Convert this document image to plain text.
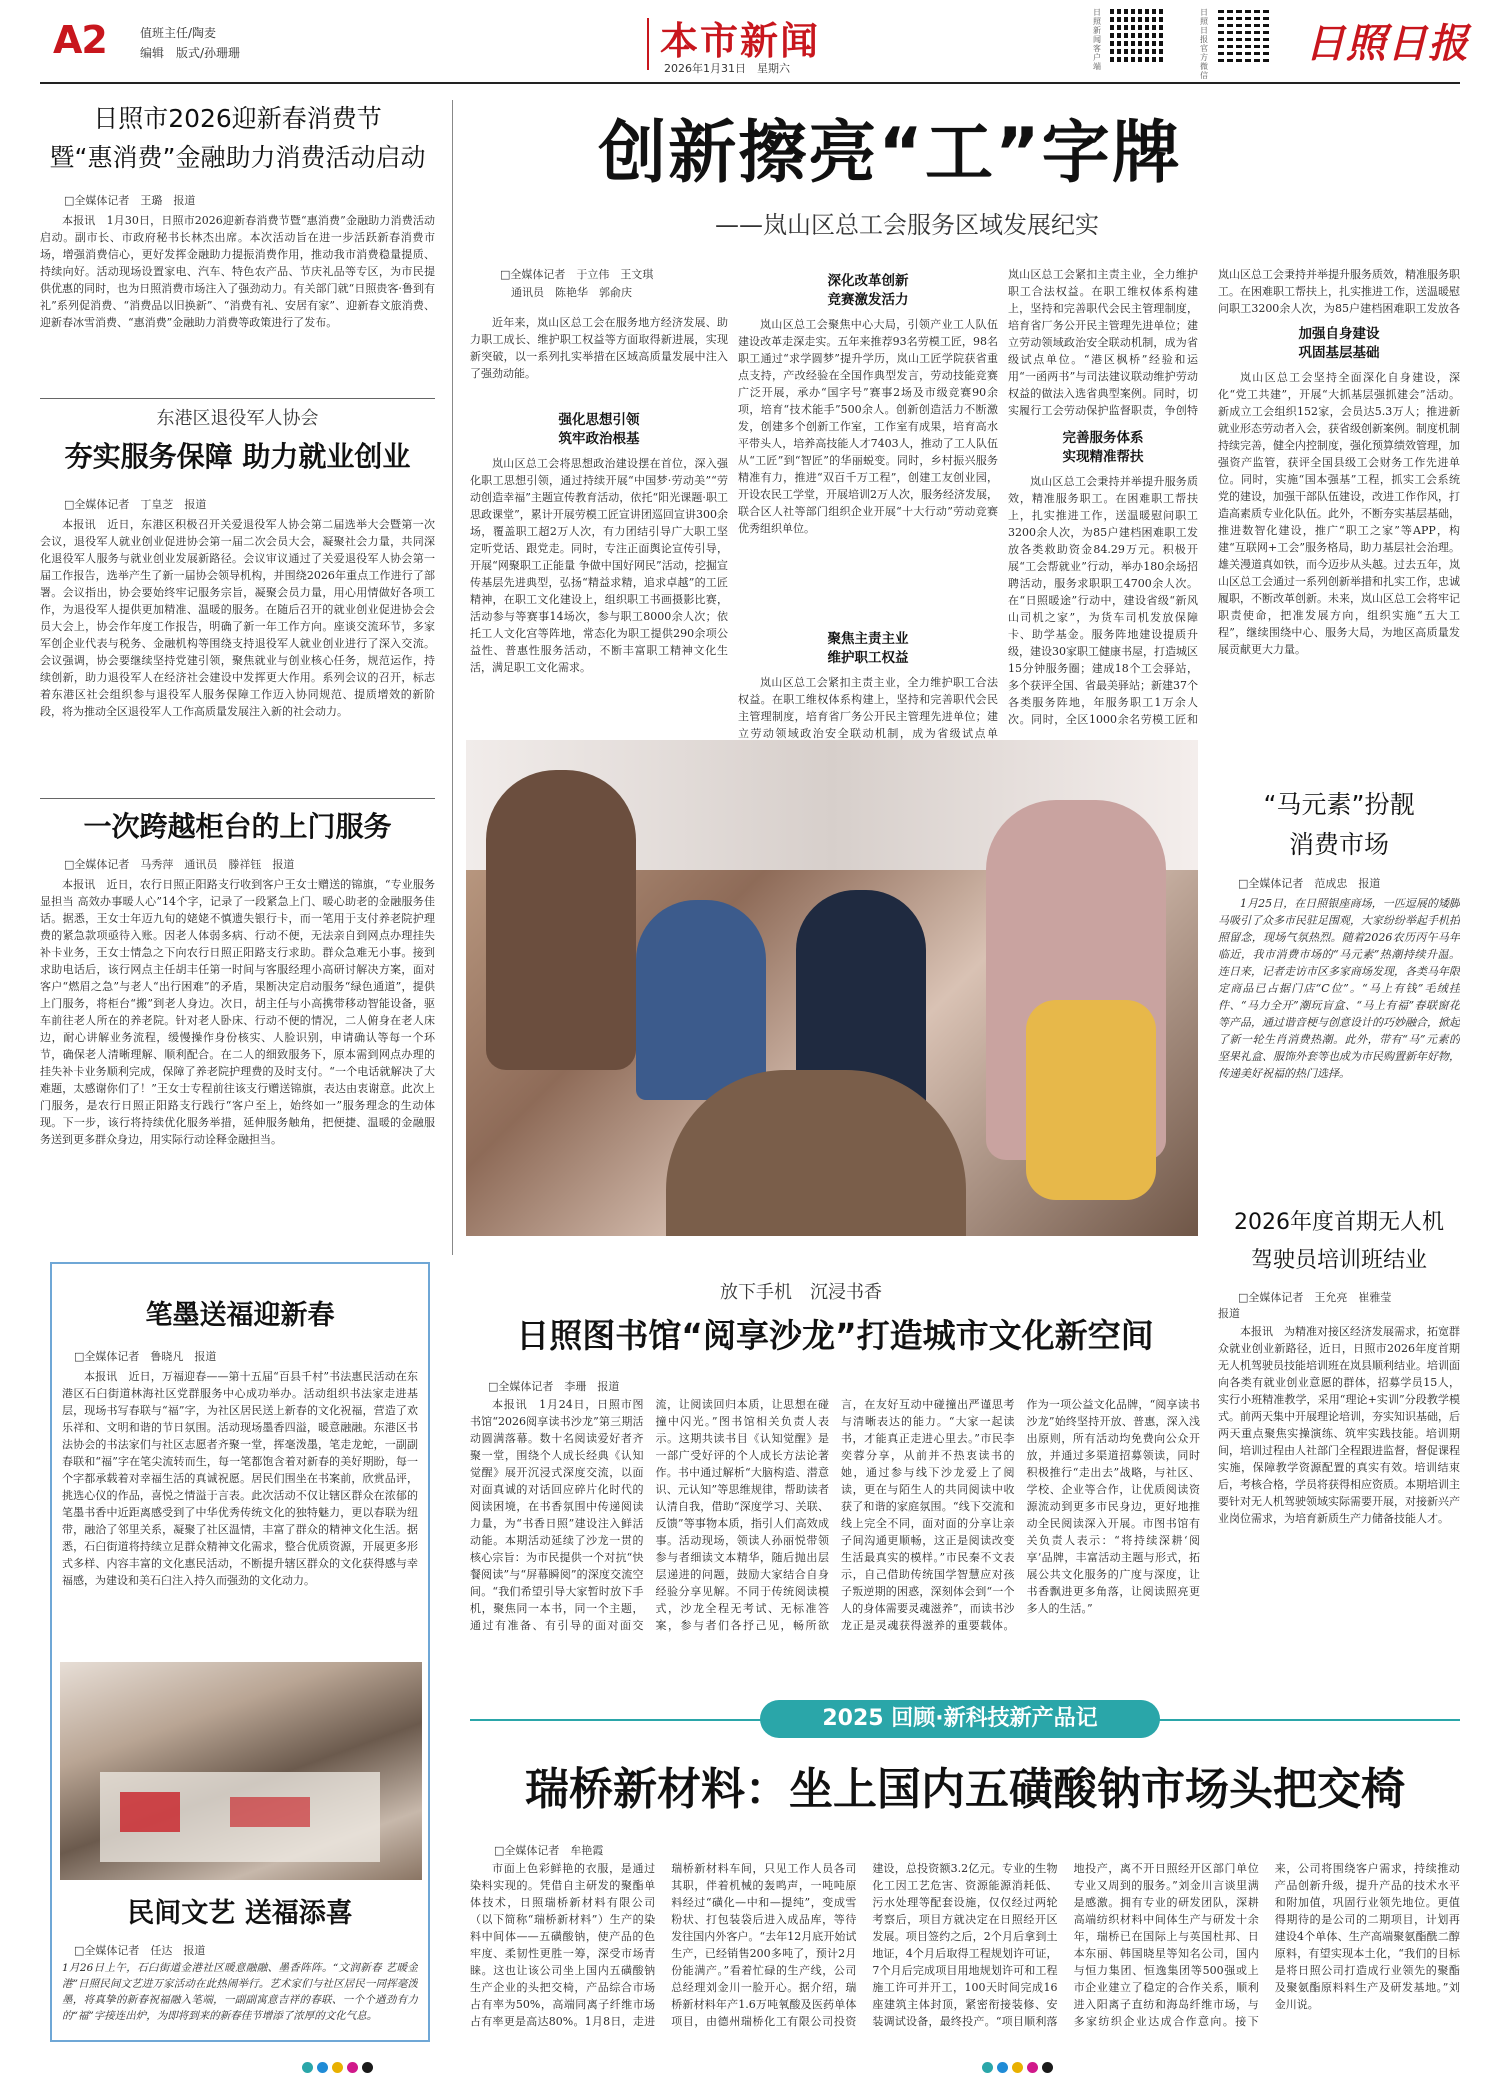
A2	值班主任/陶麦
编辑　版式/孙珊珊	本市新闻
2026年1月31日　星期六
日照新闻客户端
日照日报官方微信
日照日报
日照市2026迎新春消费节
暨“惠消费”金融助力消费活动启动

□全媒体记者　王璐　报道

本报讯　1月30日，日照市2026迎新春消费节暨“惠消费”金融助力消费活动启动。副市长、市政府秘书长林杰出席。本次活动旨在进一步活跃新春消费市场，增强消费信心，更好发挥金融助力提振消费作用，推动我市消费稳量提质、持续向好。活动现场设置家电、汽车、特色农产品、节庆礼品等专区，为市民提供优惠的同时，也为日照消费市场注入了强劲动力。有关部门就“日照贵客·鲁到有礼”系列促消费、“消费品以旧换新”、“消费有礼、安居有家”、迎新春文旅消费、迎新春冰雪消费、“惠消费”金融助力消费等政策进行了发布。

东港区退役军人协会
夯实服务保障 助力就业创业

□全媒体记者　丁皇芝　报道

本报讯　近日，东港区积极召开关爱退役军人协会第二届选举大会暨第一次会议，退役军人就业创业促进协会第一届二次会员大会，凝聚社会力量，共同深化退役军人服务与就业创业发展新路径。会议审议通过了关爱退役军人协会第一届工作报告，选举产生了新一届协会领导机构，并围绕2026年重点工作进行了部署。会议指出，协会要始终牢记服务宗旨，凝聚会员力量，用心用情做好各项工作，为退役军人提供更加精准、温暖的服务。在随后召开的就业创业促进协会会员大会上，协会作年度工作报告，明确了新一年工作方向。座谈交流环节，多家军创企业代表与税务、金融机构等围绕支持退役军人就业创业进行了深入交流。会议强调，协会要继续坚持党建引领，聚焦就业与创业核心任务，规范运作，持续创新，助力退役军人在经济社会建设中发挥更大作用。系列会议的召开，标志着东港区社会组织参与退役军人服务保障工作迈入协同规范、提质增效的新阶段，将为推动全区退役军人工作高质量发展注入新的社会动力。

一次跨越柜台的上门服务

□全媒体记者　马秀萍　通讯员　滕祥钰　报道

本报讯　近日，农行日照正阳路支行收到客户王女士赠送的锦旗，“专业服务显担当 高效办事暖人心”14个字，记录了一段紧急上门、暖心助老的金融服务佳话。据悉，王女士年迈九旬的姥姥不慎遗失银行卡，而一笔用于支付养老院护理费的紧急款项亟待入账。因老人体弱多病、行动不便，无法亲自到网点办理挂失补卡业务，王女士情急之下向农行日照正阳路支行求助。群众急难无小事。接到求助电话后，该行网点主任胡丰任第一时间与客服经理小高研讨解决方案，面对客户“燃眉之急”与老人“出行困难”的矛盾，果断决定启动服务“绿色通道”，提供上门服务，将柜台“搬”到老人身边。次日，胡主任与小高携带移动智能设备，驱车前往老人所在的养老院。针对老人卧床、行动不便的情况，二人俯身在老人床边，耐心讲解业务流程，缓慢操作身份核实、人脸识别，申请确认等每一个环节，确保老人清晰理解、顺利配合。在二人的细致服务下，原本需到网点办理的挂失补卡业务顺利完成，保障了养老院护理费的及时支付。“一个电话就解决了大难题，太感谢你们了！”王女士专程前往该支行赠送锦旗，表达由衷谢意。此次上门服务，是农行日照正阳路支行践行“客户至上，始终如一”服务理念的生动体现。下一步，该行将持续优化服务举措，延伸服务触角，把便捷、温暖的金融服务送到更多群众身边，用实际行动诠释金融担当。

笔墨送福迎新春

□全媒体记者　鲁晓凡　报道

本报讯　近日，万福迎春——第十五届“百县千村”书法惠民活动在东港区石臼街道林海社区党群服务中心成功举办。活动组织书法家走进基层，现场书写春联与“福”字，为社区居民送上新春的文化祝福，营造了欢乐祥和、文明和谐的节日氛围。活动现场墨香四溢，暖意融融。东港区书法协会的书法家们与社区志愿者齐聚一堂，挥毫泼墨，笔走龙蛇，一副副春联和“福”字在笔尖流转而生，每一笔都饱含着对新春的美好期盼，每一个字都承载着对幸福生活的真诚祝愿。居民们围坐在书案前，欣赏品评，挑选心仪的作品，喜悦之情溢于言表。此次活动不仅让辖区群众在浓郁的笔墨书香中近距离感受到了中华优秀传统文化的独特魅力，更以春联为纽带，融洽了邻里关系，凝聚了社区温情，丰富了群众的精神文化生活。据悉，石臼街道将持续立足群众精神文化需求，整合优质资源，开展更多形式多样、内容丰富的文化惠民活动，不断提升辖区群众的文化获得感与幸福感，为建设和美石臼注入持久而强劲的文化动力。

民间文艺 送福添喜

□全媒体记者　任达　报道

1月26日上午，石臼街道金港社区暖意融融、墨香阵阵。“文润新春 艺暖金港”日照民间文艺进万家活动在此热闹举行。艺术家们与社区居民一同挥毫泼墨，将真挚的新春祝福融入笔端，一副副寓意吉祥的春联、一个个遒劲有力的“福”字接连出炉，为即将到来的新春佳节增添了浓厚的文化气息。

创新擦亮“工”字牌
——岚山区总工会服务区域发展纪实

□全媒体记者　于立伟　王文琪

　通讯员　陈艳华　郭俞庆

近年来，岚山区总工会在服务地方经济发展、助力职工成长、维护职工权益等方面取得新进展，实现新突破，以一系列扎实举措在区域高质量发展中注入了强劲动能。

强化思想引领
筑牢政治根基

岚山区总工会将思想政治建设摆在首位，深入强化职工思想引领，通过持续开展“中国梦·劳动美”“劳动创造幸福”主题宣传教育活动，依托“阳光课题·职工思政课堂”，累计开展劳模工匠宣讲团巡回宣讲300余场，覆盖职工超2万人次，有力团结引导广大职工坚定听党话、跟党走。同时，专注正面舆论宣传引导，开展“网聚职工正能量 争做中国好网民”活动，挖掘宣传基层先进典型，弘扬“精益求精，追求卓越”的工匠精神，在职工文化建设上，组织职工书画摄影比赛，活动参与等赛事14场次，参与职工8000余人次；依托工人文化宫等阵地，常态化为职工提供290余项公益性、普惠性服务活动，不断丰富职工精神文化生活，满足职工文化需求。

深化改革创新
竞赛激发活力

岚山区总工会聚焦中心大局，引领产业工人队伍建设改革走深走实。五年来推荐93名劳模工匠，98名职工通过“求学圆梦”提升学历，岚山工匠学院获省重点支持，产改经验在全国作典型发言，劳动技能竞赛广泛开展，承办“国字号”赛事2场及市级竞赛90余项，培育“技术能手”500余人。创新创造活力不断激发，创建多个创新工作室，工作室有成果，培育高水平带头人，培养高技能人才7403人，推动了工人队伍从“工匠”到“智匠”的华丽蜕变。同时，乡村振兴服务精准有力，推进“双百千万工程”，创建工友创业园，开设农民工学堂，开展培训2万人次，服务经济发展，联合区人社等部门组织企业开展“十大行动”劳动竞赛优秀组织单位。

聚焦主责主业
维护职工权益

岚山区总工会紧扣主责主业，全力维护职工合法权益。在职工维权体系构建上，坚持和完善职代会民主管理制度，培育省厂务公开民主管理先进单位；建立劳动领域政治安全联动机制，成为省级试点单

岚山区总工会紧扣主责主业，全力维护职工合法权益。在职工维权体系构建上，坚持和完善职代会民主管理制度，培育省厂务公开民主管理先进单位；建立劳动领域政治安全联动机制，成为省级试点单位。“港区枫桥”经验和运用“一函两书”与司法建议联动维护劳动权益的做法入选省典型案例。同时，切实履行工会劳动保护监督职责，争创特

完善服务体系
实现精准帮扶

岚山区总工会秉持并举提升服务质效，精准服务职工。在困难职工帮扶上，扎实推进工作，送温暖慰问职工3200余人次，为85户建档困难职工发放各类救助资金84.29万元。积极开展“工会帮就业”行动，举办180余场招聘活动，服务求职职工4700余人次。在“日照暖途”行动中，建设省级“新风山司机之家”，为货车司机发放保障卡、助学基金。服务阵地建设提质升级，建设30家职工健康书屋，打造城区15分钟服务圈；建成18个工会驿站，多个获评全国、省最美驿站；新建37个各类服务阵地，年服务职工1万余人次。同时，全区1000余名劳模工匠和

岚山区总工会秉持并举提升服务质效，精准服务职工。在困难职工帮扶上，扎实推进工作，送温暖慰问职工3200余人次，为85户建档困难职工发放各

加强自身建设
巩固基层基础

岚山区总工会坚持全面深化自身建设，深化“党工共建”，开展“大抓基层强抓建会”活动。新成立工会组织152家，会员达5.3万人；推进新就业形态劳动者入会，获省级创新案例。制度机制持续完善，健全内控制度，强化预算绩效管理，加强资产监管，获评全国县级工会财务工作先进单位。同时，实施“国本强基”工程，抓实工会系统党的建设，加强干部队伍建设，改进工作作风，打造高素质专业化队伍。此外，不断夯实基层基础，推进数智化建设，推广“职工之家”等APP，构建“互联网+工会”服务格局，助力基层社会治理。雄关漫道真如铁，而今迈步从头越。过去五年，岚山区总工会通过一系列创新举措和扎实工作，忠诚履职，不断改革创新。未来，岚山区总工会将牢记职责使命，把准发展方向，组织实施“五大工程”，继续围绕中心、服务大局，为地区高质量发展贡献更大力量。

“马元素”扮靓
消费市场

□全媒体记者　范成忠　报道

1月25日，在日照银座商场，一匹逗展的矮脚马吸引了众多市民驻足围观，大家纷纷举起手机拍照留念，现场气氛热烈。随着2026农历丙午马年临近，我市消费市场的“马元素”热潮持续升温。连日来，记者走访市区多家商场发现，各类马年限定商品已占据门店“C位”。“马上有钱”毛绒挂件、“马力全开”潮玩盲盒、“马上有福”春联窗花等产品，通过谐音梗与创意设计的巧妙融合，掀起了新一轮生肖消费热潮。此外，带有“马”元素的坚果礼盒、服饰外套等也成为市民购置新年好物，传递美好祝福的热门选择。

2026年度首期无人机
驾驶员培训班结业

□全媒体记者　王允亮　崔雅莹

报道

本报讯　为精准对接区经济发展需求，拓宽群众就业创业新路径，近日，日照市2026年度首期无人机驾驶员技能培训班在岚县顺利结业。培训面向各类有就业创业意愿的群体，招募学员15人，实行小班精准教学，采用“理论+实训”分段教学模式。前两天集中开展理论培训，夯实知识基础，后两天重点聚焦实操演练、筑牢实践技能。培训期间，培训过程由人社部门全程跟进监督，督促课程实施，保障教学资源配置的真实有效。培训结束后，考核合格，学员将获得相应资质。本期培训主要针对无人机驾驶领域实际需要开展，对接新兴产业岗位需求，为培育新质生产力储备技能人才。

放下手机　沉浸书香
日照图书馆“阅享沙龙”打造城市文化新空间

□全媒体记者　李珊　报道

本报讯　1月24日，日照市图书馆“2026阅享读书沙龙”第三期活动圆满落幕。数十名阅读爱好者齐聚一堂，围绕个人成长经典《认知觉醒》展开沉浸式深度交流，以面对面真诚的对话回应碎片化时代的阅读困境，在书香氛围中传递阅读力量，为“书香日照”建设注入鲜活动能。本期活动延续了沙龙一贯的核心宗旨：为市民提供一个对抗“快餐阅读”与“屏幕瞬阅”的深度交流空间。“我们希望引导大家暂时放下手机，聚焦同一本书，同一个主题，通过有准备、有引导的面对面交流，让阅读回归本质，让思想在碰撞中闪光。”图书馆相关负责人表示。这期共读书目《认知觉醒》是一部广受好评的个人成长方法论著作。书中通过解析“大脑构造、潜意识、元认知”等思维规律，帮助读者认清自我，借助“深度学习、关联、反馈”等事物本质，指引人们高效成事。活动现场，领读人孙丽悦带领参与者细读文本精华，随后抛出层层递进的问题，鼓励大家结合自身经验分享见解。不同于传统阅读模式，沙龙全程无考试、无标准答案，参与者们各抒己见，畅所欲言，在友好互动中碰撞出严谨思考与清晰表达的能力。“大家一起读书，才能真正走进心里去。”市民李奕蓉分享，从前并不热衷读书的她，通过参与线下沙龙爱上了阅读，更在与陌生人的共同阅读中收获了和谐的家庭氛围。“线下交流和线上完全不同，面对面的分享让亲子间沟通更顺畅，这正是阅读改变生活最真实的模样。”市民秦不文表示，自己借助传统国学智慧应对孩子叛逆期的困惑，深刻体会到“一个人的身体需要灵魂滋养”，而读书沙龙正是灵魂获得滋养的重要载体。作为一项公益文化品牌，“阅享读书沙龙”始终坚持开放、普惠，深入浅出原则，所有活动均免费向公众开放，并通过多渠道招募领读，同时积极推行“走出去”战略，与社区、学校、企业等合作，让优质阅读资源流动到更多市民身边，更好地推动全民阅读深入开展。市图书馆有关负责人表示：“将持续深耕‘阅享’品牌，丰富活动主题与形式，拓展公共文化服务的广度与深度，让书香飘进更多角落，让阅读照亮更多人的生活。”

2025 回顾·新科技新产品记
瑞桥新材料：坐上国内五磺酸钠市场头把交椅

□全媒体记者　牟艳霞

市面上色彩鲜艳的衣服，是通过染料实现的。凭借自主研发的聚酯单体技术，日照瑞桥新材料有限公司（以下简称“瑞桥新材料”）生产的染料中间体——五磺酸钠，使产品的色牢度、柔韧性更胜一筹，深受市场青睐。这也让该公司坐上国内五磺酸钠生产企业的头把交椅，产品综合市场占有率为50%，高端同离子纤维市场占有率更是高达80%。1月8日，走进瑞桥新材料车间，只见工作人员各司其职，伴着机械的轰鸣声，一吨吨原料经过“磺化—中和—提纯”，变成雪粉状、打包装袋后进入成品库，等待发往国内外客户。“去年12月底开始试生产，已经销售200多吨了，预计2月份能满产。”看着忙碌的生产线，公司总经理刘金川一脸开心。据介绍，瑞桥新材料年产1.6万吨氧酸及医药单体项目，由德州瑞桥化工有限公司投资建设，总投资额3.2亿元。专业的生物化工因工艺危害、资源能源消耗低、污水处理等配套设施，仅仅经过两轮考察后，项目方就决定在日照经开区发展。项目签约之后，2个月后拿到土地证，4个月后取得工程规划许可证，7个月后完成项目用地规划许可和工程施工许可并开工，100天时间完成16座建筑主体封顶，紧密衔接装修、安装调试设备，最终投产。“项目顺利落地投产，离不开日照经开区部门单位专业又周到的服务。”刘金川言谈里满是感激。拥有专业的研发团队，深耕高端纺织材料中间体生产与研发十余年，瑞桥已在国际上与英国杜邦、日本东丽、韩国晓星等知名公司，国内与恒力集团、恒逸集团等500强或上市企业建立了稳定的合作关系，顺利进入阳离子直纺和海岛纤维市场，与多家纺织企业达成合作意向。接下来，公司将围绕客户需求，持续推动产品创新升级，提升产品的技术水平和附加值，巩固行业领先地位。更值得期待的是公司的二期项目，计划再建设4个单体、生产高端聚氨酯酰二醇原料，有望实现本土化，“我们的目标是将日照公司打造成行业领先的聚酯及聚氨酯原料料生产及研发基地。”刘金川说。
